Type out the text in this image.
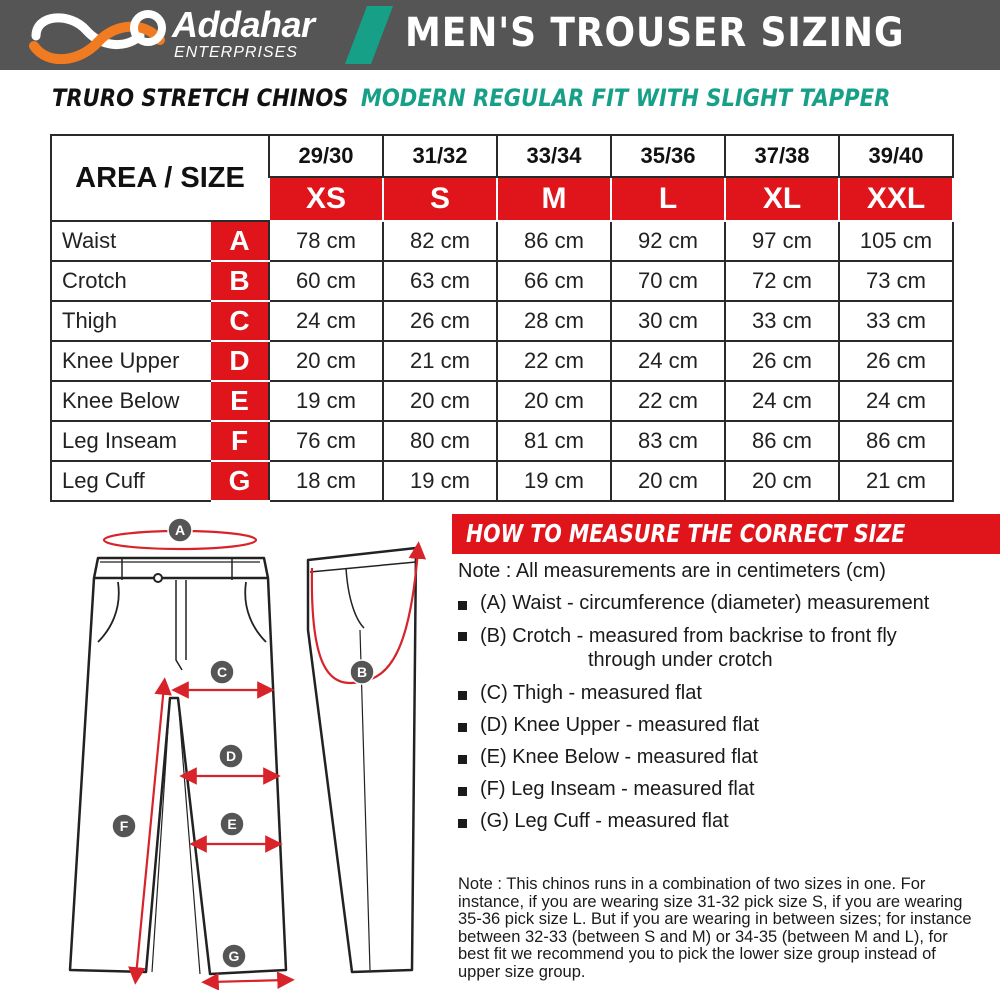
Addahar
ENTERPRISES	MEN'S TROUSER SIZING
TRURO STRETCH CHINOS MODERN REGULAR FIT WITH SLIGHT TAPPER
AREA / SIZE		29/30	31/32	33/34	35/36	37/38	39/40
		XS	S	M	L	XL	XXL
Waist	A	78 cm	82 cm	86 cm	92 cm	97 cm	105 cm
Crotch	B	60 cm	63 cm	66 cm	70 cm	72 cm	73 cm
Thigh	C	24 cm	26 cm	28 cm	30 cm	33 cm	33 cm
Knee Upper	D	20 cm	21 cm	22 cm	24 cm	26 cm	26 cm
Knee Below	E	19 cm	20 cm	20 cm	22 cm	24 cm	24 cm
Leg Inseam	F	76 cm	80 cm	81 cm	83 cm	86 cm	86 cm
Leg Cuff	G	18 cm	19 cm	19 cm	20 cm	20 cm	21 cm
A
B
C
D
E
F
G
HOW TO MEASURE THE CORRECT SIZE
Note : All measurements are in centimeters (cm)
(A) Waist - circumference (diameter) measurement
(B) Crotch - measured from backrise to front fly
through under crotch
(C) Thigh - measured flat
(D) Knee Upper - measured flat
(E) Knee Below - measured flat
(F) Leg Inseam - measured flat
(G) Leg Cuff - measured flat
Note : This chinos runs in a combination of two sizes in one. For instance, if you are wearing size 31-32 pick size S, if you are wearing 35-36 pick size L. But if you are wearing in between sizes; for instance between 32-33 (between S and M) or 34-35 (between M and L), for best fit we recommend you to pick the lower size group instead of upper size group.
